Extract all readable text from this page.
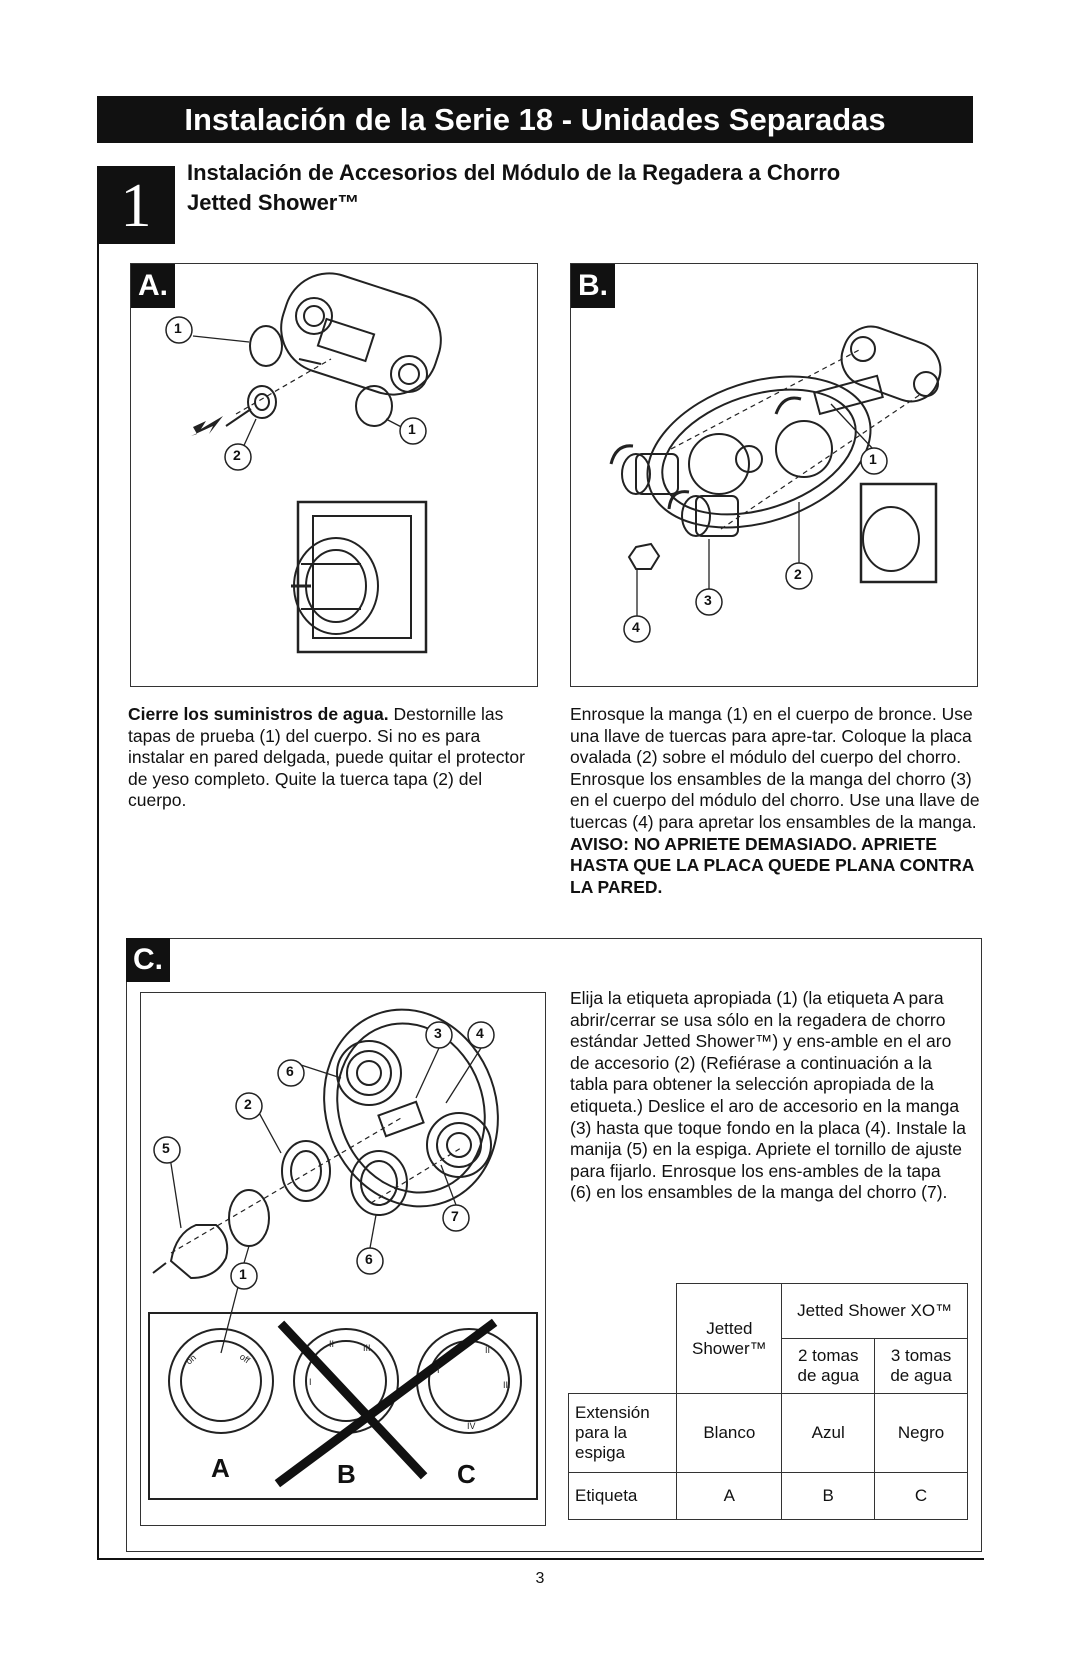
Instalación de la Serie 18 - Unidades Separadas
1	Instalación de Accesorios del Módulo de la Regadera a Chorro
Jetted Shower™
A.
1
1
2
Cierre los suministros de agua. Destornille las tapas de prueba (1) del cuerpo. Si no es para instalar en pared delgada, puede quitar el protector de yeso completo. Quite la tuerca tapa (2) del cuerpo.
B.
1
2
3
4
Enrosque la manga (1) en el cuerpo de bronce. Use una llave de tuercas para apre-tar. Coloque la placa ovalada (2) sobre el módulo del cuerpo del chorro. Enrosque los ensambles de la manga del chorro (3) en el cuerpo del módulo del chorro. Use una llave de tuercas (4) para apretar los ensambles de la manga. AVISO: NO APRIETE DEMASIADO. APRIETE HASTA QUE LA PLACA QUEDE PLANA CONTRA LA PARED.
C.
on	off
I
II	III
I
II
III
IV
3 4
6
2
5
7
6
1
A	B	C
Elija la etiqueta apropiada (1) (la etiqueta A para abrir/cerrar se usa sólo en la regadera de chorro estándar Jetted Shower™) y ens-amble en el aro de accesorio (2) (Refiérase a continuación a la tabla para obtener la selección apropiada de la etiqueta.) Deslice el aro de accesorio en la manga (3) hasta que toque fondo en la placa (4). Instale la manija (5) en la espiga. Apriete el tornillo de ajuste para fijarlo. Enrosque los ens-ambles de la tapa (6) en los ensambles de la manga del chorro (7).
	Jetted Shower™	Jetted Shower XO™	
		2 tomas de agua	3 tomas de agua
Extensión para la espiga	Blanco	Azul	Negro
Etiqueta	A	B	C
3
